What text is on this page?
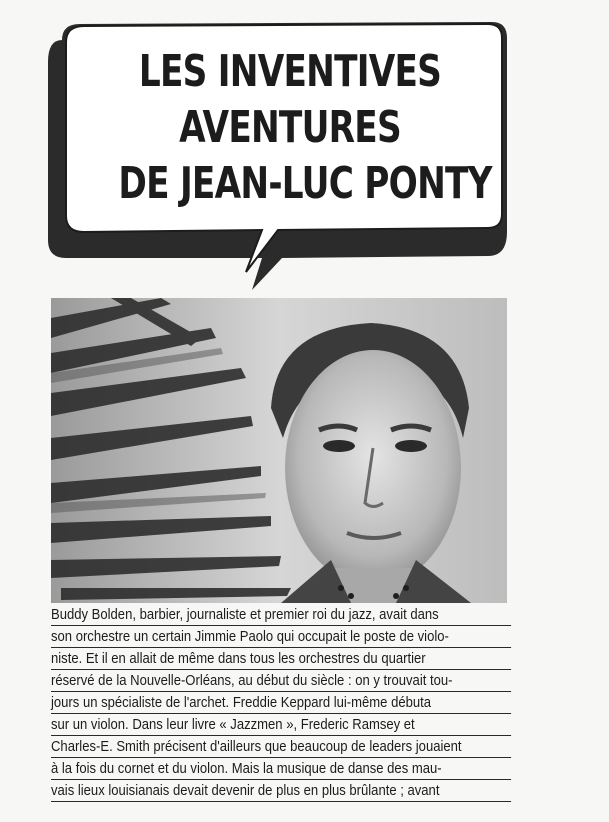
LES INVENTIVES
AVENTURES
DE JEAN-LUC PONTY
Buddy Bolden, barbier, journaliste et premier roi du jazz, avait dans
son orchestre un certain Jimmie Paolo qui occupait le poste de violo-
niste. Et il en allait de même dans tous les orchestres du quartier
réservé de la Nouvelle-Orléans, au début du siècle : on y trouvait tou-
jours un spécialiste de l'archet. Freddie Keppard lui-même débuta
sur un violon. Dans leur livre « Jazzmen », Frederic Ramsey et
Charles-E. Smith précisent d'ailleurs que beaucoup de leaders jouaient
à la fois du cornet et du violon. Mais la musique de danse des mau-
vais lieux louisianais devait devenir de plus en plus brûlante ; avant
